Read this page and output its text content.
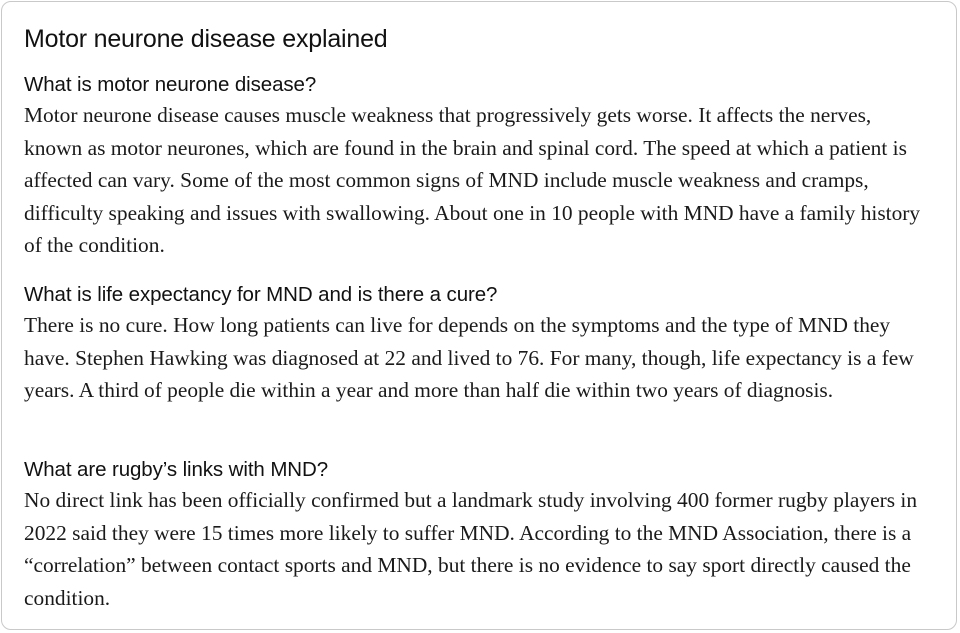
Motor neurone disease explained
What is motor neurone disease?

Motor neurone disease causes muscle weakness that progressively gets worse. It affects the nerves, known as motor neurones, which are found in the brain and spinal cord. The speed at which a patient is affected can vary. Some of the most common signs of MND include muscle weakness and cramps, difficulty speaking and issues with swallowing. About one in 10 people with MND have a family history of the condition.

What is life expectancy for MND and is there a cure?

There is no cure. How long patients can live for depends on the symptoms and the type of MND they have. Stephen Hawking was diagnosed at 22 and lived to 76. For many, though, life expectancy is a few years. A third of people die within a year and more than half die within two years of diagnosis.

What are rugby’s links with MND?

No direct link has been officially confirmed but a landmark study involving 400 former rugby players in 2022 said they were 15 times more likely to suffer MND. According to the MND Association, there is a “correlation” between contact sports and MND, but there is no evidence to say sport directly caused the condition.
